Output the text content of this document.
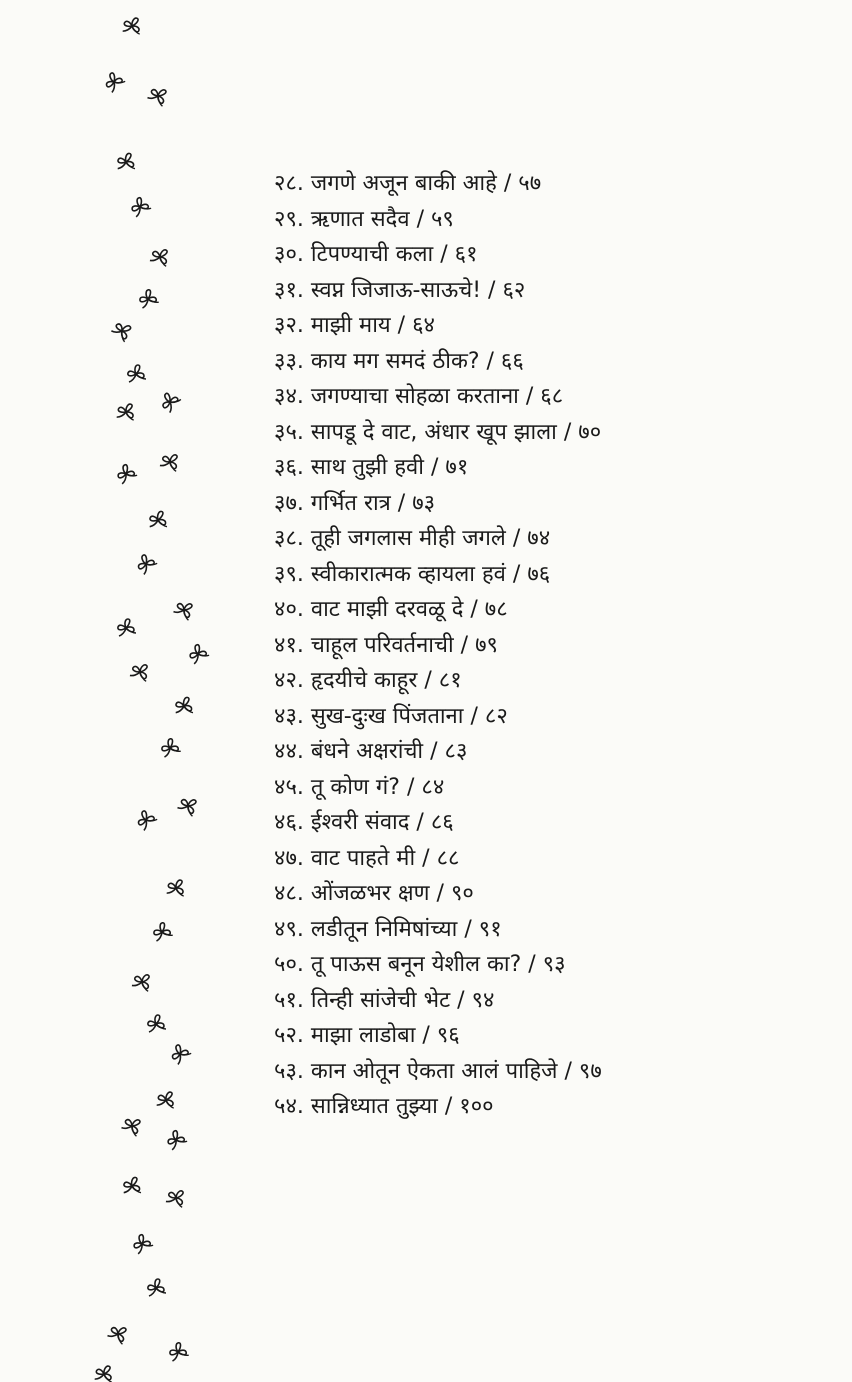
२८. जगणे अजून बाकी आहे / ५७
२९. ऋणात सदैव / ५९
३०. टिपण्याची कला / ६१
३१. स्वप्न जिजाऊ-साऊचे! / ६२
३२. माझी माय / ६४
३३. काय मग समदं ठीक? / ६६
३४. जगण्याचा सोहळा करताना / ६८
३५. सापडू दे वाट, अंधार खूप झाला / ७०
३६. साथ तुझी हवी / ७१
३७. गर्भित रात्र / ७३
३८. तूही जगलास मीही जगले / ७४
३९. स्वीकारात्मक व्हायला हवं / ७६
४०. वाट माझी दरवळू दे / ७८
४१. चाहूल परिवर्तनाची / ७९
४२. हृदयीचे काहूर / ८१
४३. सुख-दुःख पिंजताना / ८२
४४. बंधने अक्षरांची / ८३
४५. तू कोण गं? / ८४
४६. ईश्वरी संवाद / ८६
४७. वाट पाहते मी / ८८
४८. ओंजळभर क्षण / ९०
४९. लडीतून निमिषांच्या / ९१
५०. तू पाऊस बनून येशील का? / ९३
५१. तिन्ही सांजेची भेट / ९४
५२. माझा लाडोबा / ९६
५३. कान ओतून ऐकता आलं पाहिजे / ९७
५४. सान्निध्यात तुझ्या / १००
